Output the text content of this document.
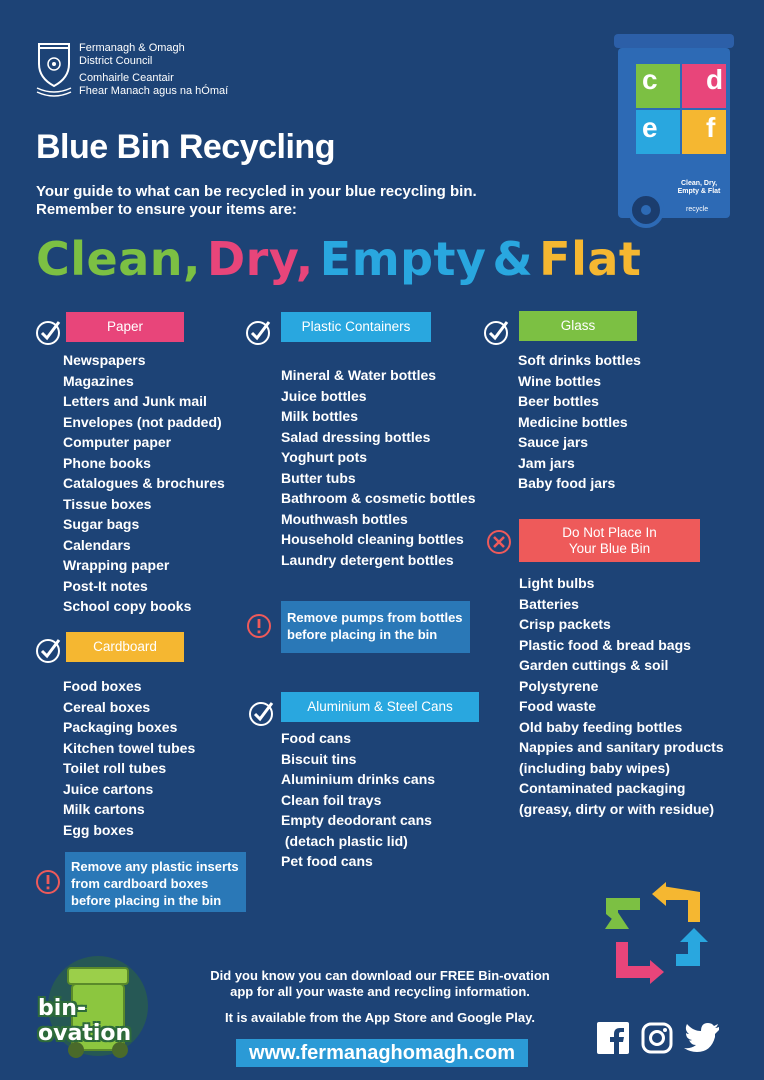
Fermanagh & Omagh
District Council
Comhairle Ceantair
Fhear Manach agus na hÓmaí	c d
e f
Clean, Dry,
Empty & Flat
recycle
Blue Bin Recycling
Your guide to what can be recycled in your blue recycling bin.
Remember to ensure your items are:
Clean, Dry, Empty & Flat
Paper
Newspapers
Magazines
Letters and Junk mail
Envelopes (not padded)
Computer paper
Phone books
Catalogues & brochures
Tissue boxes
Sugar bags
Calendars
Wrapping paper
Post-It notes
School copy books
Cardboard
Food boxes
Cereal boxes
Packaging boxes
Kitchen towel tubes
Toilet roll tubes
Juice cartons
Milk cartons
Egg boxes
Remove any plastic inserts
from cardboard boxes
before placing in the bin
Plastic Containers
Mineral & Water bottles
Juice bottles
Milk bottles
Salad dressing bottles
Yoghurt pots
Butter tubs
Bathroom & cosmetic bottles
Mouthwash bottles
Household cleaning bottles
Laundry detergent bottles
Remove pumps from bottles
before placing in the bin
Aluminium & Steel Cans
Food cans
Biscuit tins
Aluminium drinks cans
Clean foil trays
Empty deodorant cans
(detach plastic lid)
Pet food cans
Glass
Soft drinks bottles
Wine bottles
Beer bottles
Medicine bottles
Sauce jars
Jam jars
Baby food jars
Do Not Place In
Your Blue Bin
Light bulbs
Batteries
Crisp packets
Plastic food & bread bags
Garden cuttings & soil
Polystyrene
Food waste
Old baby feeding bottles
Nappies and sanitary products
(including baby wipes)
Contaminated packaging
(greasy, dirty or with residue)
bin-ovation
Did you know you can download our FREE Bin-ovation
app for all your waste and recycling information.
It is available from the App Store and Google Play.
www.fermanaghomagh.com
